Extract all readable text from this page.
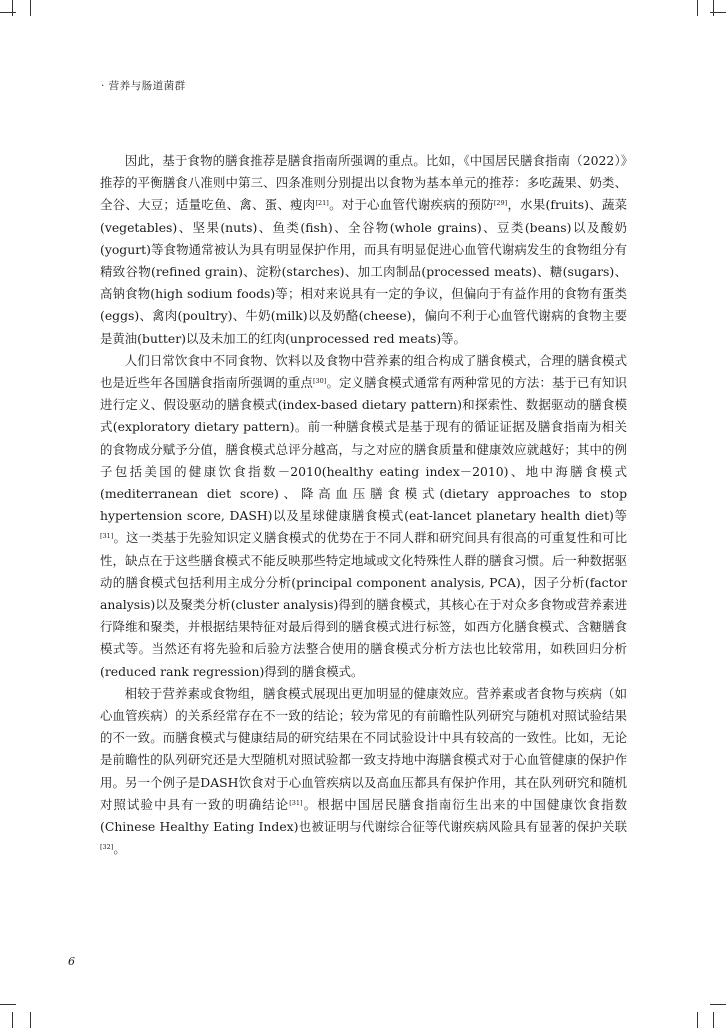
· 营养与肠道菌群

因此，基于食物的膳食推荐是膳食指南所强调的重点。比如，《中国居民膳食指南（2022）》推荐的平衡膳食八准则中第三、四条准则分别提出以食物为基本单元的推荐：多吃蔬果、奶类、全谷、大豆；适量吃鱼、禽、蛋、瘦肉[21]。对于心血管代谢疾病的预防[29]，水果(fruits)、蔬菜(vegetables)、坚果(nuts)、鱼类(fish)、全谷物(whole grains)、豆类(beans)以及酸奶(yogurt)等食物通常被认为具有明显保护作用，而具有明显促进心血管代谢病发生的食物组分有精致谷物(refined grain)、淀粉(starches)、加工肉制品(processed meats)、糖(sugars)、高钠食物(high sodium foods)等；相对来说具有一定的争议，但偏向于有益作用的食物有蛋类(eggs)、禽肉(poultry)、牛奶(milk)以及奶酪(cheese)，偏向不利于心血管代谢病的食物主要是黄油(butter)以及未加工的红肉(unprocessed red meats)等。

人们日常饮食中不同食物、饮料以及食物中营养素的组合构成了膳食模式，合理的膳食模式也是近些年各国膳食指南所强调的重点[30]。定义膳食模式通常有两种常见的方法：基于已有知识进行定义、假设驱动的膳食模式(index-based dietary pattern)和探索性、数据驱动的膳食模式(exploratory dietary pattern)。前一种膳食模式是基于现有的循证证据及膳食指南为相关的食物成分赋予分值，膳食模式总评分越高，与之对应的膳食质量和健康效应就越好；其中的例子包括美国的健康饮食指数－2010(healthy eating index－2010)、地中海膳食模式(mediterranean diet score)、降高血压膳食模式(dietary approaches to stop hypertension score, DASH)以及星球健康膳食模式(eat-lancet planetary health diet)等[31]。这一类基于先验知识定义膳食模式的优势在于不同人群和研究间具有很高的可重复性和可比性，缺点在于这些膳食模式不能反映那些特定地域或文化特殊性人群的膳食习惯。后一种数据驱动的膳食模式包括利用主成分分析(principal component analysis, PCA)，因子分析(factor analysis)以及聚类分析(cluster analysis)得到的膳食模式，其核心在于对众多食物或营养素进行降维和聚类，并根据结果特征对最后得到的膳食模式进行标签，如西方化膳食模式、含糖膳食模式等。当然还有将先验和后验方法整合使用的膳食模式分析方法也比较常用，如秩回归分析(reduced rank regression)得到的膳食模式。

相较于营养素或食物组，膳食模式展现出更加明显的健康效应。营养素或者食物与疾病（如心血管疾病）的关系经常存在不一致的结论；较为常见的有前瞻性队列研究与随机对照试验结果的不一致。而膳食模式与健康结局的研究结果在不同试验设计中具有较高的一致性。比如，无论是前瞻性的队列研究还是大型随机对照试验都一致支持地中海膳食模式对于心血管健康的保护作用。另一个例子是DASH饮食对于心血管疾病以及高血压都具有保护作用，其在队列研究和随机对照试验中具有一致的明确结论[31]。根据中国居民膳食指南衍生出来的中国健康饮食指数(Chinese Healthy Eating Index)也被证明与代谢综合征等代谢疾病风险具有显著的保护关联[32]。

6
